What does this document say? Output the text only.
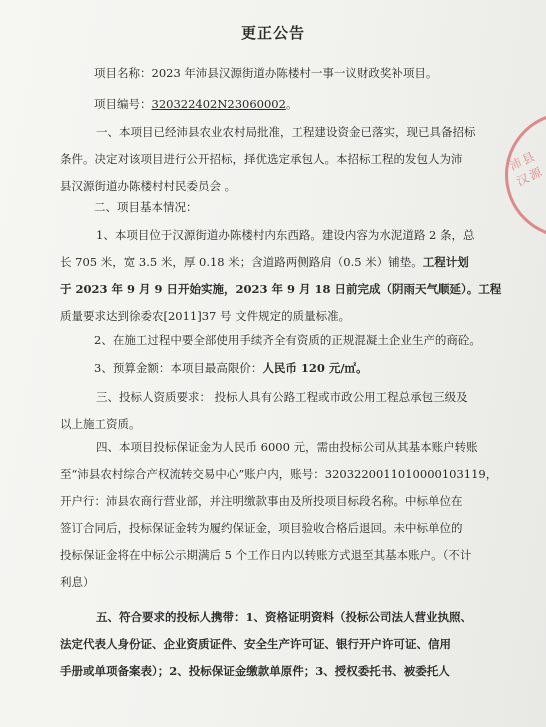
沛县汉源
更正公告

项目名称：2023 年沛县汉源街道办陈楼村一事一议财政奖补项目。

项目编号：320322402N23060002。

一、本项目已经沛县农业农村局批准，工程建设资金已落实，现已具备招标
条件。决定对该项目进行公开招标，择优选定承包人。本招标工程的发包人为沛
县汉源街道办陈楼村村民委员会 。

二、项目基本情况：

1、本项目位于汉源街道办陈楼村内东西路。建设内容为水泥道路 2 条，总
长 705 米，宽 3.5 米，厚 0.18 米；含道路两侧路肩（0.5 米）铺垫。工程计划
于 2023 年 9 月 9 日开始实施，2023 年 9 月 18 日前完成（阴雨天气顺延）。工程
质量要求达到徐委农[2011]37 号 文件规定的质量标准。

2、在施工过程中要全部使用手续齐全有资质的正规混凝土企业生产的商砼。

3、预算金额：本项目最高限价：人民币 120 元/㎡。

三、投标人资质要求： 投标人具有公路工程或市政公用工程总承包三级及
以上施工资质。

四、本项目投标保证金为人民币 6000 元，需由投标公司从其基本账户转账
至“沛县农村综合产权流转交易中心”账户内，账号：32032200110100001031​19，
开户行：沛县农商行营业部，并注明缴款事由及所投项目标段名称。中标单位在
签订合同后，投标保证金转为履约保证金，项目验收合格后退回。未中标单位的
投标保证金将在中标公示期满后 5 个工作日内以转账方式退至其基本账户。（不计
利息）

五、符合要求的投标人携带：1、资格证明资料（投标公司法人营业执照、
法定代表人身份证、企业资质证件、安全生产许可证、银行开户许可证、信用
手册或单项备案表）；2、投标保证金缴款单原件；3、授权委托书、被委托人
